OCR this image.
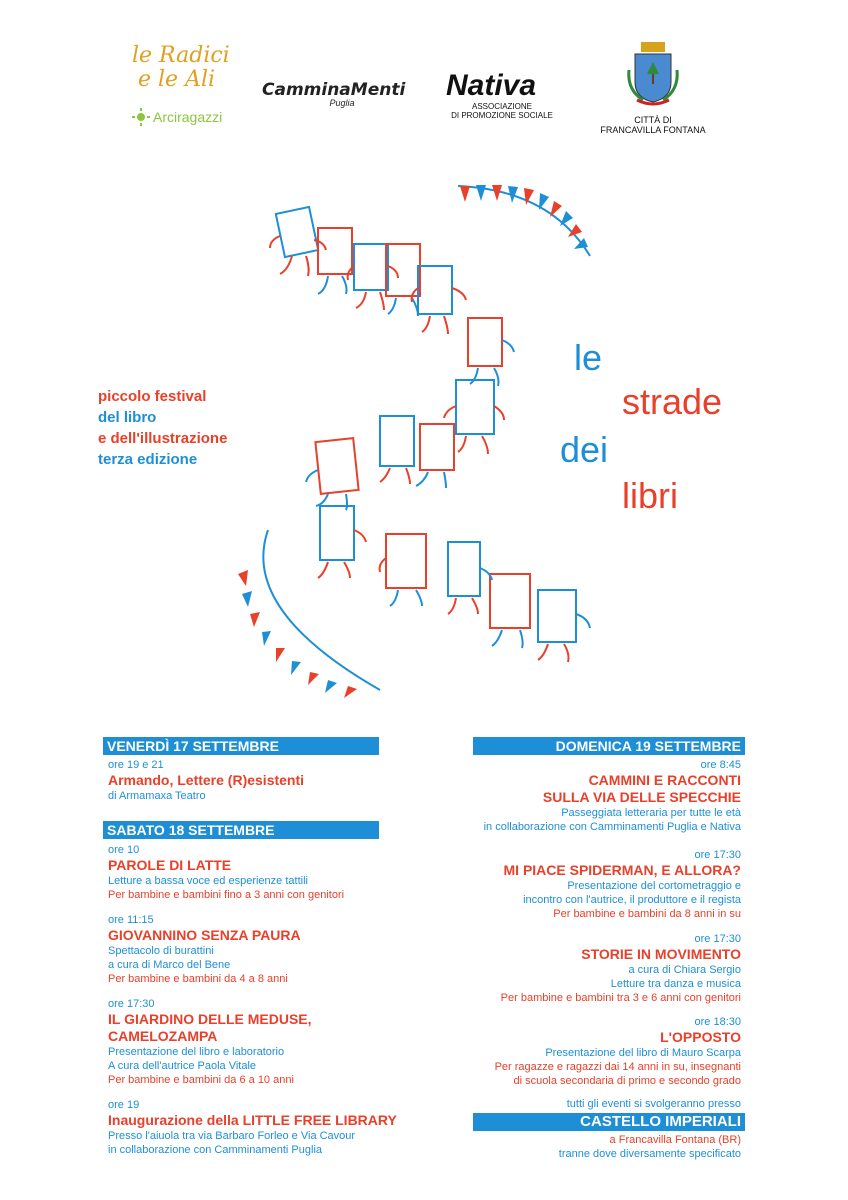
le Radici
e le Ali
Arciragazzi
CamminaMenti
Puglia
Nativa
ASSOCIAZIONE
DI PROMOZIONE SOCIALE	CITTÀ DI
FRANCAVILLA FONTANA
piccolo festival
del libro
e dell'illustrazione
terza edizione
le
strade
dei
libri
VENERDÌ 17 SETTEMBRE
ore 19 e 21
Armando, Lettere (R)esistenti
di Armamaxa Teatro
SABATO 18 SETTEMBRE
ore 10
PAROLE DI LATTE
Letture a bassa voce ed esperienze tattili
Per bambine e bambini fino a 3 anni con genitori
ore 11:15
GIOVANNINO SENZA PAURA
Spettacolo di burattini
a cura di Marco del Bene
Per bambine e bambini da 4 a 8 anni
ore 17:30
IL GIARDINO DELLE MEDUSE,
CAMELOZAMPA
Presentazione del libro e laboratorio
A cura dell'autrice Paola Vitale
Per bambine e bambini da 6 a 10 anni
ore 19
Inaugurazione della LITTLE FREE LIBRARY
Presso l'aiuola tra via Barbaro Forleo e Via Cavour
in collaborazione con Camminamenti Puglia
DOMENICA 19 SETTEMBRE
ore 8:45
CAMMINI E RACCONTI
SULLA VIA DELLE SPECCHIE
Passeggiata letteraria per tutte le età
in collaborazione con Camminamenti Puglia e Nativa
ore 17:30
MI PIACE SPIDERMAN, E ALLORA?
Presentazione del cortometraggio e
incontro con l'autrice, il produttore e il regista
Per bambine e bambini da 8 anni in su
ore 17:30
STORIE IN MOVIMENTO
a cura di Chiara Sergio
Letture tra danza e musica
Per bambine e bambini tra 3 e 6 anni con genitori
ore 18:30
L'OPPOSTO
Presentazione del libro di Mauro Scarpa
Per ragazze e ragazzi dai 14 anni in su, insegnanti
di scuola secondaria di primo e secondo grado
tutti gli eventi si svolgeranno presso
CASTELLO IMPERIALI
a Francavilla Fontana (BR)
tranne dove diversamente specificato
